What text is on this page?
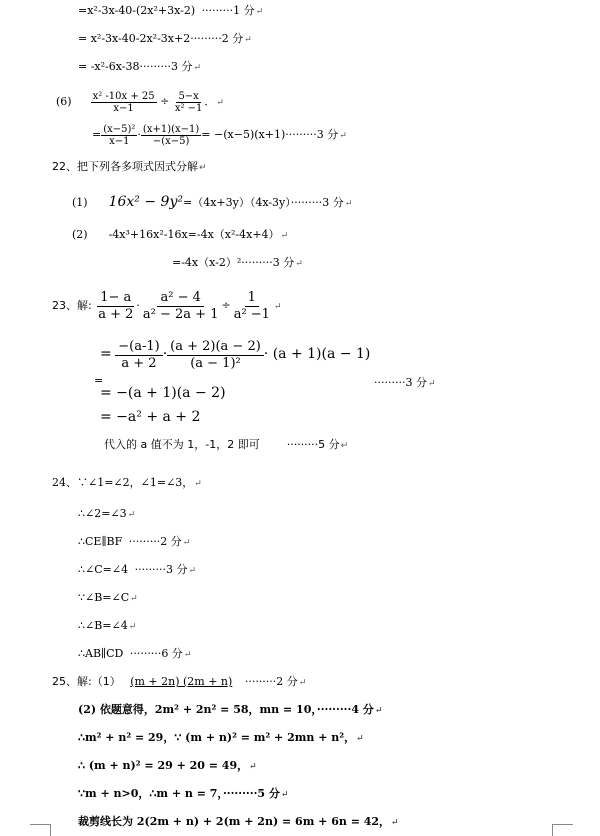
=x²-3x-40-(2x²+3x-2) ·········1 分↵
= x²-3x-40-2x²-3x+2·········2 分↵
= -x²-6x-38·········3 分↵
$(6) \frac{\text{x² -10x + 25}}{x-1} \div \frac{5-x}{\text{x² −1}}$ ．↵
= $\frac{\text{(x−5)²}}{x-1} \cdot \frac{(x+1)(x-1)}{-(x-5)} = -(x-5)(x+1)\cdot\cdot\cdot\cdot\cdot\cdot\cdot\cdot\cdot 3$ 分↵
22、把下列各多项式因式分解↵
(1) 16x² − 9y²=（4x+3y）（4x-3y）·········3 分↵
(2) -4x³+16x²-16x=-4x（x²-4x+4）↵
=-4x（x-2）²·········3 分↵
23、解: $\frac{1- a}{a + 2} \cdot \frac{\text{a² − 4}}{\text{a² − 2a + 1}} \div \frac{1}{\text{a² −1}}$ ↵
= $\frac{-(a-1)}{a + 2} \cdot \frac{(a + 2)(a - 2)}{\text{(a − 1)²}} \cdot (a + 1)(a - 1)$
=
= −(a + 1)(a − 2)
·········3 分↵
= −a² + a + 2
代入的 a 值不为 1，-1，2 即可 ·········5 分↵
24、∵∠1=∠2，∠1=∠3，↵
∴∠2=∠3↵
∴CE∥BF ·········2 分↵
∴∠C=∠4 ·········3 分↵
∵∠B=∠C↵
∴∠B=∠4↵
∴AB∥CD ·········6 分↵
25、解:（1） (m + 2n) (2m + n) ·········2 分↵
(2) 依题意得，2m² + 2n² = 58，mn = 10，·········4 分↵
∴m² + n² = 29，∵ (m + n)² = m² + 2mn + n²，↵
∴ (m + n)² = 29 + 20 = 49，↵
∵m + n>0，∴m + n = 7，·········5 分↵
裁剪线长为 2(2m + n) + 2(m + 2n) = 6m + 6n = 42，↵
